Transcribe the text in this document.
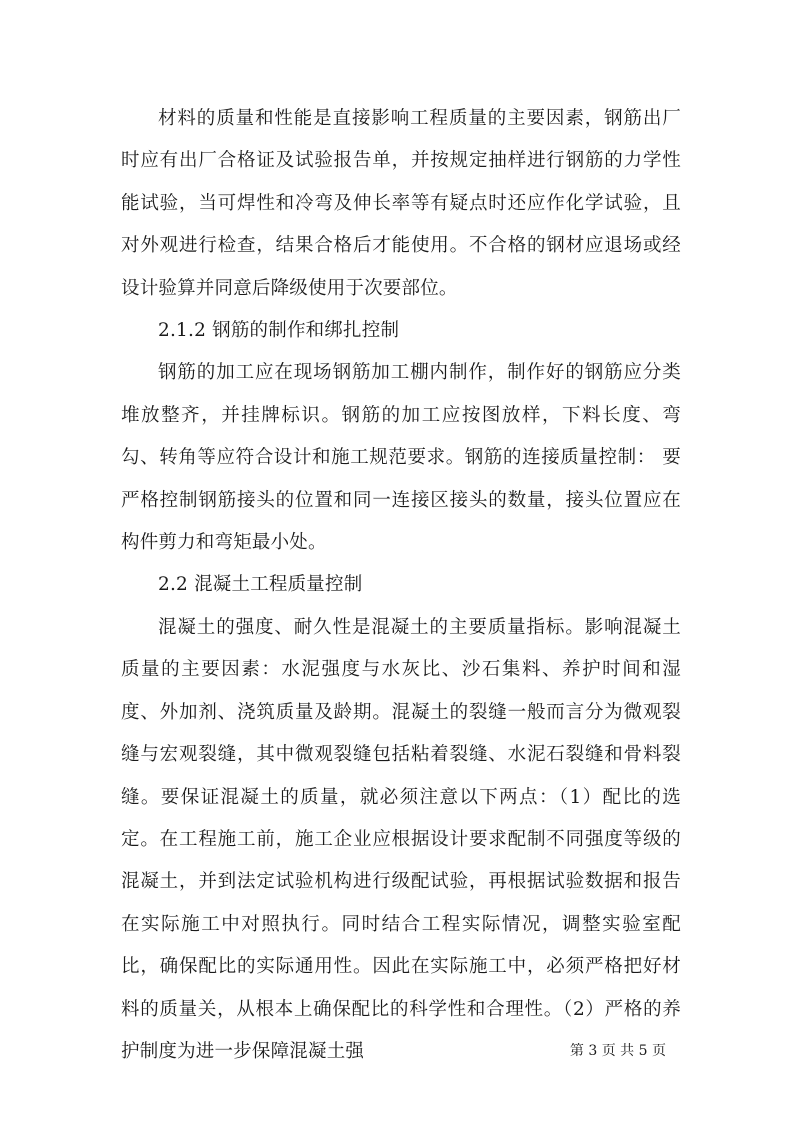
材料的质量和性能是直接影响工程质量的主要因素，钢筋出厂时应有出厂合格证及试验报告单，并按规定抽样进行钢筋的力学性能试验，当可焊性和冷弯及伸长率等有疑点时还应作化学试验，且对外观进行检查，结果合格后才能使用。不合格的钢材应退场或经设计验算并同意后降级使用于次要部位。

2.1.2 钢筋的制作和绑扎控制

钢筋的加工应在现场钢筋加工棚内制作，制作好的钢筋应分类堆放整齐，并挂牌标识。钢筋的加工应按图放样，下料长度、弯勾、转角等应符合设计和施工规范要求。钢筋的连接质量控制： 要严格控制钢筋接头的位置和同一连接区接头的数量，接头位置应在构件剪力和弯矩最小处。

2.2 混凝土工程质量控制

混凝土的强度、耐久性是混凝土的主要质量指标。影响混凝土质量的主要因素：水泥强度与水灰比、沙石集料、养护时间和湿度、外加剂、浇筑质量及龄期。混凝土的裂缝一般而言分为微观裂缝与宏观裂缝，其中微观裂缝包括粘着裂缝、水泥石裂缝和骨料裂缝。要保证混凝土的质量，就必须注意以下两点：（1）配比的选定。在工程施工前，施工企业应根据设计要求配制不同强度等级的混凝土，并到法定试验机构进行级配试验，再根据试验数据和报告在实际施工中对照执行。同时结合工程实际情况，调整实验室配比，确保配比的实际通用性。因此在实际施工中，必须严格把好材料的质量关，从根本上确保配比的科学性和合理性。（2）严格的养护制度为进一步保障混凝土强	第 3 页 共 5 页
